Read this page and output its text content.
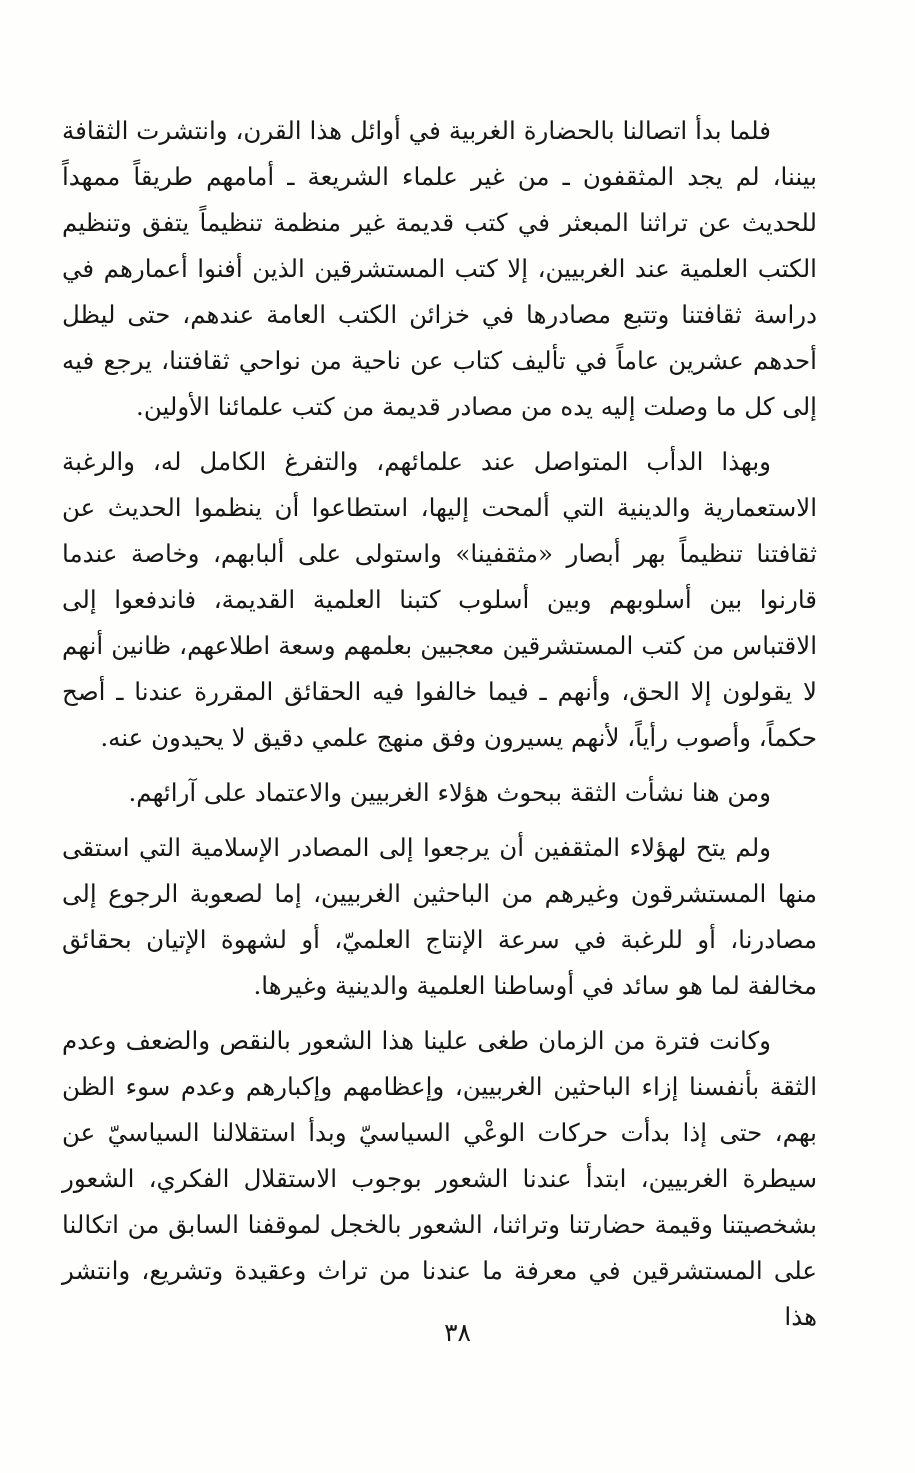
فلما بدأ اتصالنا بالحضارة الغربية في أوائل هذا القرن، وانتشرت الثقافة بيننا، لم يجد المثقفون ـ من غير علماء الشريعة ـ أمامهم طريقاً ممهداً للحديث عن تراثنا المبعثر في كتب قديمة غير منظمة تنظيماً يتفق وتنظيم الكتب العلمية عند الغربيين، إلا كتب المستشرقين الذين أفنوا أعمارهم في دراسة ثقافتنا وتتبع مصادرها في خزائن الكتب العامة عندهم، حتى ليظل أحدهم عشرين عاماً في تأليف كتاب عن ناحية من نواحي ثقافتنا، يرجع فيه إلى كل ما وصلت إليه يده من مصادر قديمة من كتب علمائنا الأولين.

وبهذا الدأب المتواصل عند علمائهم، والتفرغ الكامل له، والرغبة الاستعمارية والدينية التي ألمحت إليها، استطاعوا أن ينظموا الحديث عن ثقافتنا تنظيماً بهر أبصار «مثقفينا» واستولى على ألبابهم، وخاصة عندما قارنوا بين أسلوبهم وبين أسلوب كتبنا العلمية القديمة، فاندفعوا إلى الاقتباس من كتب المستشرقين معجبين بعلمهم وسعة اطلاعهم، ظانين أنهم لا يقولون إلا الحق، وأنهم ـ فيما خالفوا فيه الحقائق المقررة عندنا ـ أصح حكماً، وأصوب رأياً، لأنهم يسيرون وفق منهج علمي دقيق لا يحيدون عنه.

ومن هنا نشأت الثقة ببحوث هؤلاء الغربيين والاعتماد على آرائهم.

ولم يتح لهؤلاء المثقفين أن يرجعوا إلى المصادر الإسلامية التي استقى منها المستشرقون وغيرهم من الباحثين الغربيين، إما لصعوبة الرجوع إلى مصادرنا، أو للرغبة في سرعة الإنتاج العلميّ، أو لشهوة الإتيان بحقائق مخالفة لما هو سائد في أوساطنا العلمية والدينية وغيرها.

وكانت فترة من الزمان طغى علينا هذا الشعور بالنقص والضعف وعدم الثقة بأنفسنا إزاء الباحثين الغربيين، وإعظامهم وإكبارهم وعدم سوء الظن بهم، حتى إذا بدأت حركات الوعْي السياسيّ وبدأ استقلالنا السياسيّ عن سيطرة الغربيين، ابتدأ عندنا الشعور بوجوب الاستقلال الفكري، الشعور بشخصيتنا وقيمة حضارتنا وتراثنا، الشعور بالخجل لموقفنا السابق من اتكالنا على المستشرقين في معرفة ما عندنا من تراث وعقيدة وتشريع، وانتشر هذا

٣٨
